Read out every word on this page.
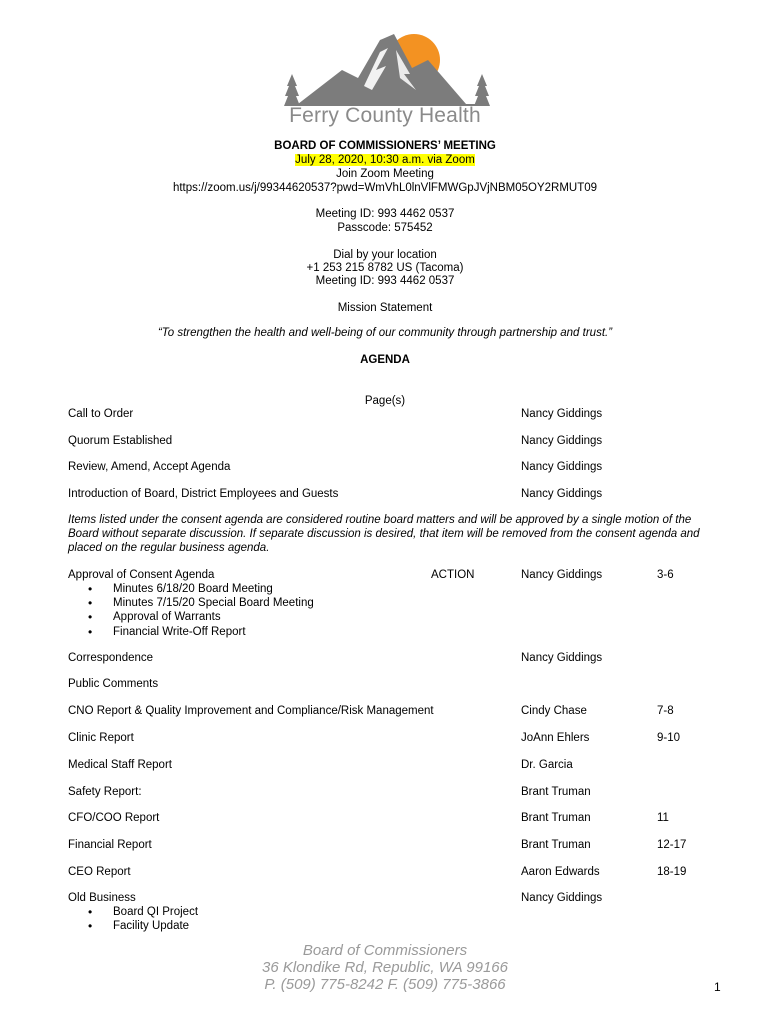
Ferry County Health
BOARD OF COMMISSIONERS’ MEETING
July 28, 2020, 10:30 a.m. via Zoom
Join Zoom Meeting
https://zoom.us/j/99344620537?pwd=WmVhL0lnVlFMWGpJVjNBM05OY2RMUT09
Meeting ID: 993 4462 0537
Passcode: 575452
Dial by your location
+1 253 215 8782 US (Tacoma)
Meeting ID: 993 4462 0537
Mission Statement
“To strengthen the health and well-being of our community through partnership and trust.”
AGENDA
Page(s)
Call to Order	Nancy Giddings
Quorum Established	Nancy Giddings
Review, Amend, Accept Agenda	Nancy Giddings
Introduction of Board, District Employees and Guests	Nancy Giddings
Items listed under the consent agenda are considered routine board matters and will be approved by a single motion of the Board without separate discussion. If separate discussion is desired, that item will be removed from the consent agenda and placed on the regular business agenda.
Approval of Consent Agenda	ACTION	Nancy Giddings	3-6
• Minutes 6/18/20 Board Meeting
• Minutes 7/15/20 Special Board Meeting
• Approval of Warrants
• Financial Write-Off Report
Correspondence	Nancy Giddings
Public Comments
CNO Report & Quality Improvement and Compliance/Risk Management	Cindy Chase	7-8
Clinic Report	JoAnn Ehlers	9-10
Medical Staff Report	Dr. Garcia
Safety Report:	Brant Truman
CFO/COO Report	Brant Truman	11
Financial Report	Brant Truman	12-17
CEO Report	Aaron Edwards	18-19
Old Business	Nancy Giddings
• Board QI Project
• Facility Update
Board of Commissioners
36 Klondike Rd, Republic, WA 99166
P. (509) 775-8242 F. (509) 775-3866	1
